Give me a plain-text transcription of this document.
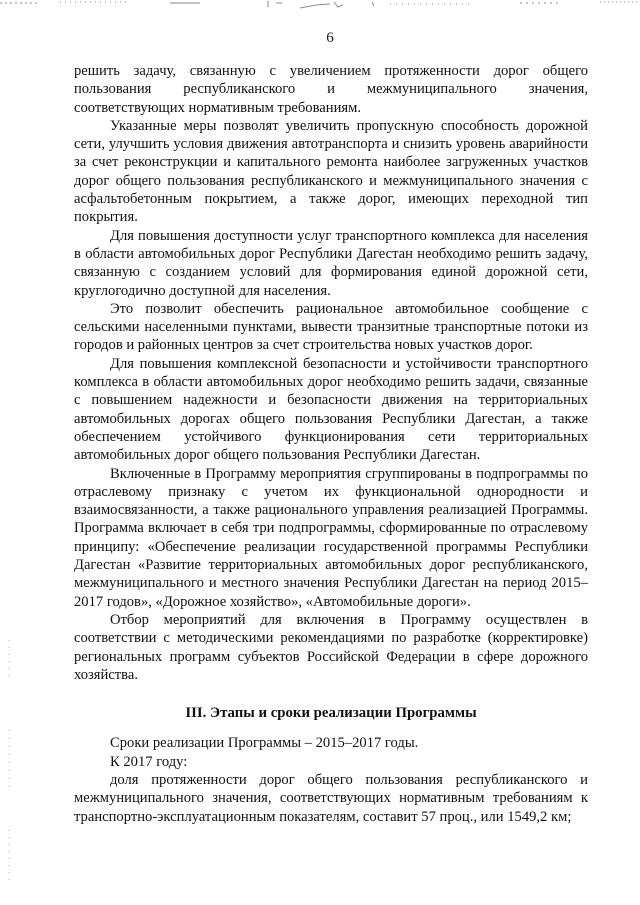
6

решить задачу, связанную с увеличением протяженности дорог общего пользования республиканского и межмуниципального значения, соответствующих нормативным требованиям.

Указанные меры позволят увеличить пропускную способность дорожной сети, улучшить условия движения автотранспорта и снизить уровень аварийности за счет реконструкции и капитального ремонта наиболее загруженных участков дорог общего пользования республиканского и межмуниципального значения с асфальтобетонным покрытием, а также дорог, имеющих переходной тип покрытия.

Для повышения доступности услуг транспортного комплекса для населения в области автомобильных дорог Республики Дагестан необходимо решить задачу, связанную с созданием условий для формирования единой дорожной сети, круглогодично доступной для населения.

Это позволит обеспечить рациональное автомобильное сообщение с сельскими населенными пунктами, вывести транзитные транспортные потоки из городов и районных центров за счет строительства новых участков дорог.

Для повышения комплексной безопасности и устойчивости транспортного комплекса в области автомобильных дорог необходимо решить задачи, связанные с повышением надежности и безопасности движения на территориальных автомобильных дорогах общего пользования Республики Дагестан, а также обеспечением устойчивого функционирования сети территориальных автомобильных дорог общего пользования Республики Дагестан.

Включенные в Программу мероприятия сгруппированы в подпрограммы по отраслевому признаку с учетом их функциональной однородности и взаимосвязанности, а также рационального управления реализацией Программы. Программа включает в себя три подпрограммы, сформированные по отраслевому принципу: «Обеспечение реализации государственной программы Республики Дагестан «Развитие территориальных автомобильных дорог республиканского, межмуниципального и местного значения Республики Дагестан на период 2015–2017 годов», «Дорожное хозяйство», «Автомобильные дороги».

Отбор мероприятий для включения в Программу осуществлен в соответствии с методическими рекомендациями по разработке (корректировке) региональных программ субъектов Российской Федерации в сфере дорожного хозяйства.

III. Этапы и сроки реализации Программы

Сроки реализации Программы – 2015–2017 годы.

К 2017 году:

доля протяженности дорог общего пользования республиканского и межмуниципального значения, соответствующих нормативным требованиям к транспортно-эксплуатационным показателям, составит 57 проц., или 1549,2 км;
